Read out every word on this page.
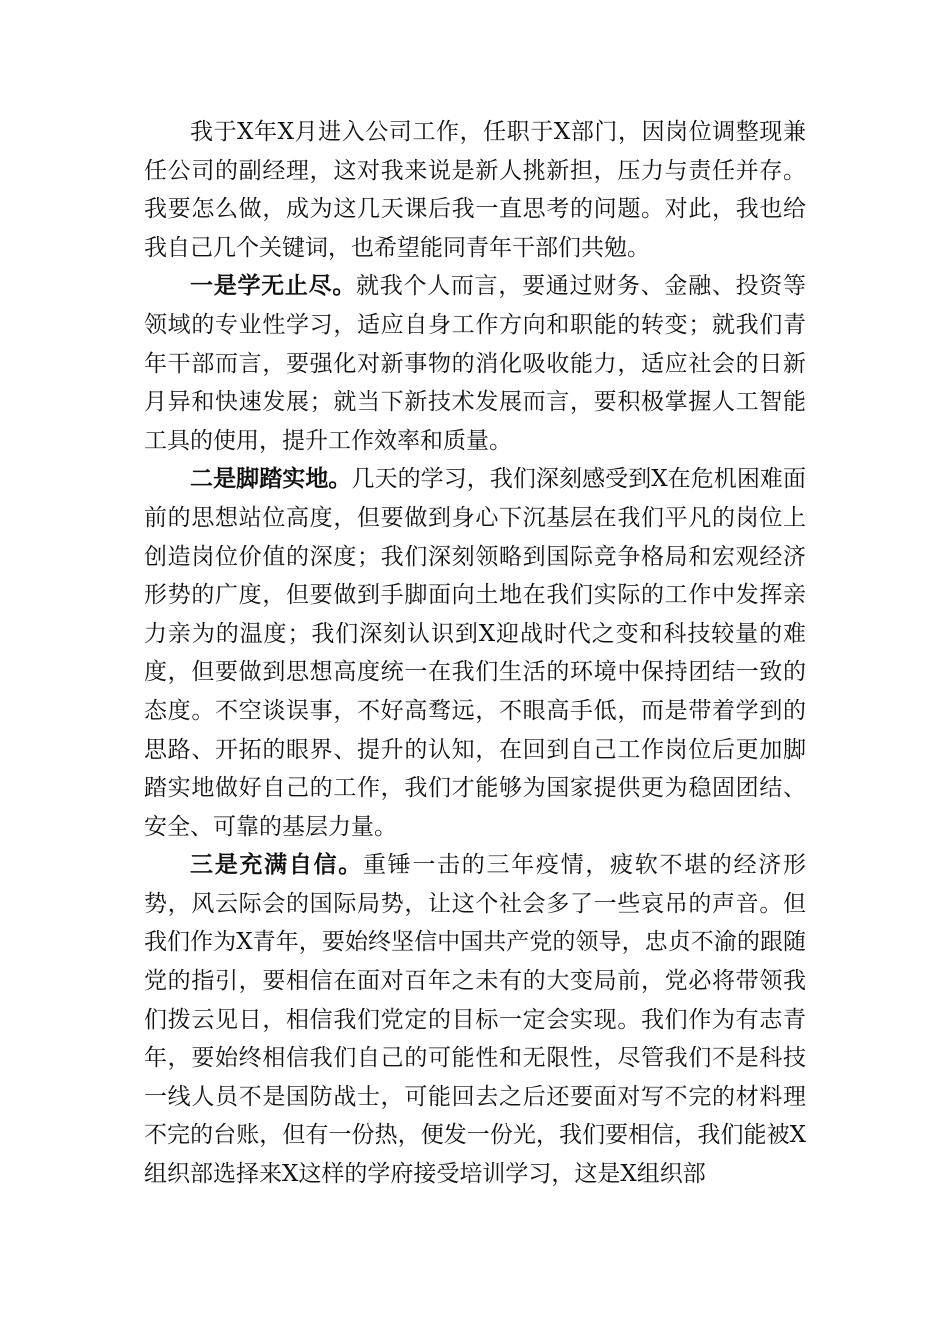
我于X年X月进入公司工作，任职于X部门，因岗位调整现兼任公司的副经理，这对我来说是新人挑新担，压力与责任并存。我要怎么做，成为这几天课后我一直思考的问题。对此，我也给我自己几个关键词，也希望能同青年干部们共勉。

一是学无止尽。就我个人而言，要通过财务、金融、投资等领域的专业性学习，适应自身工作方向和职能的转变；就我们青年干部而言，要强化对新事物的消化吸收能力，适应社会的日新月异和快速发展；就当下新技术发展而言，要积极掌握人工智能工具的使用，提升工作效率和质量。

二是脚踏实地。几天的学习，我们深刻感受到X在危机困难面前的思想站位高度，但要做到身心下沉基层在我们平凡的岗位上创造岗位价值的深度；我们深刻领略到国际竞争格局和宏观经济形势的广度，但要做到手脚面向土地在我们实际的工作中发挥亲力亲为的温度；我们深刻认识到X迎战时代之变和科技较量的难度，但要做到思想高度统一在我们生活的环境中保持团结一致的态度。不空谈误事，不好高骛远，不眼高手低，而是带着学到的思路、开拓的眼界、提升的认知，在回到自己工作岗位后更加脚踏实地做好自己的工作，我们才能够为国家提供更为稳固团结、安全、可靠的基层力量。

三是充满自信。重锤一击的三年疫情，疲软不堪的经济形势，风云际会的国际局势，让这个社会多了一些哀吊的声音。但我们作为X青年，要始终坚信中国共产党的领导，忠贞不渝的跟随党的指引，要相信在面对百年之未有的大变局前，党必将带领我们拨云见日，相信我们党定的目标一定会实现。我们作为有志青年，要始终相信我们自己的可能性和无限性，尽管我们不是科技一线人员不是国防战士，可能回去之后还要面对写不完的材料理不完的台账，但有一份热，便发一份光，我们要相信，我们能被X组织部选择来X这样的学府接受培训学习，这是X组织部
